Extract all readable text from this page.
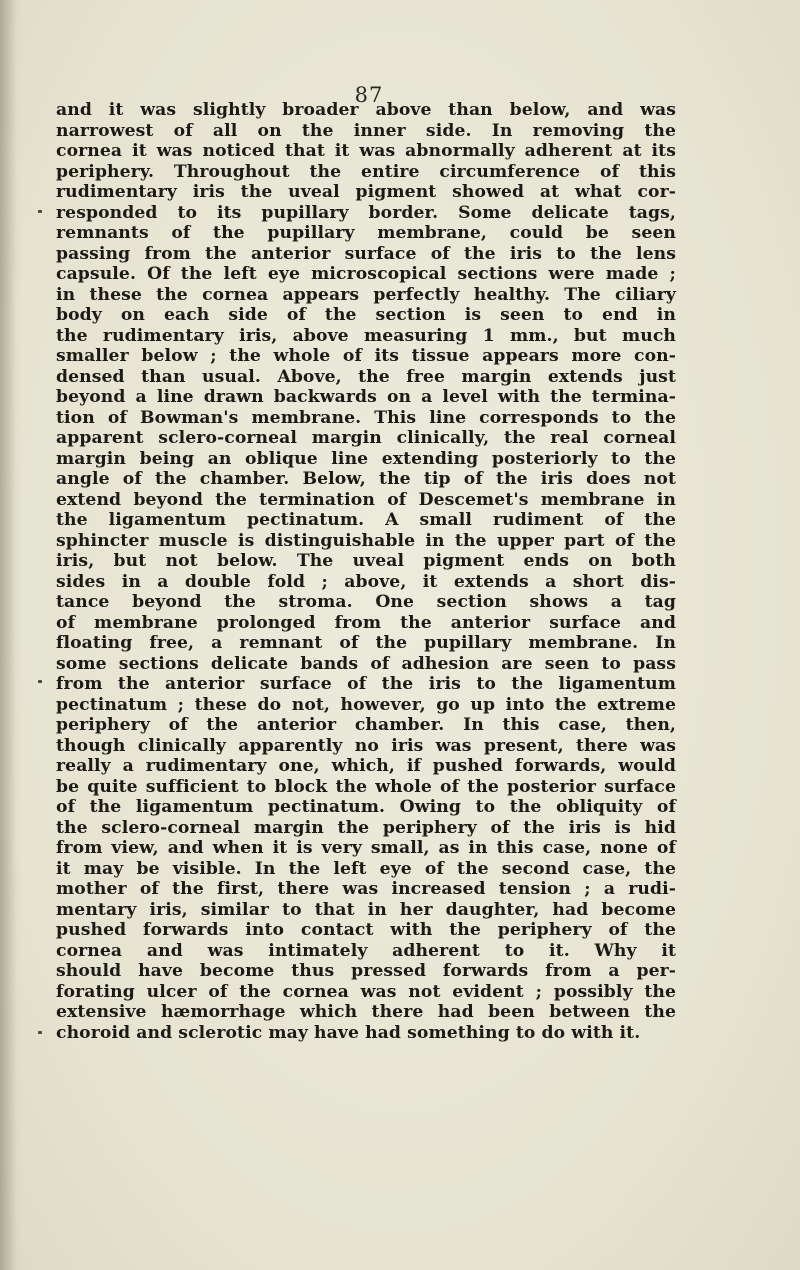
87
and it was slightly broader above than below, and was
narrowest of all on the inner side. In removing the
cornea it was noticed that it was abnormally adherent at its
periphery. Throughout the entire circumference of this
rudimentary iris the uveal pigment showed at what cor-
responded to its pupillary border. Some delicate tags,
remnants of the pupillary membrane, could be seen
passing from the anterior surface of the iris to the lens
capsule. Of the left eye microscopical sections were made ;
in these the cornea appears perfectly healthy. The ciliary
body on each side of the section is seen to end in
the rudimentary iris, above measuring 1 mm., but much
smaller below ; the whole of its tissue appears more con-
densed than usual. Above, the free margin extends just
beyond a line drawn backwards on a level with the termina-
tion of Bowman's membrane. This line corresponds to the
apparent sclero-corneal margin clinically, the real corneal
margin being an oblique line extending posteriorly to the
angle of the chamber. Below, the tip of the iris does not
extend beyond the termination of Descemet's membrane in
the ligamentum pectinatum. A small rudiment of the
sphincter muscle is distinguishable in the upper part of the
iris, but not below. The uveal pigment ends on both
sides in a double fold ; above, it extends a short dis-
tance beyond the stroma. One section shows a tag
of membrane prolonged from the anterior surface and
floating free, a remnant of the pupillary membrane. In
some sections delicate bands of adhesion are seen to pass
from the anterior surface of the iris to the ligamentum
pectinatum ; these do not, however, go up into the extreme
periphery of the anterior chamber. In this case, then,
though clinically apparently no iris was present, there was
really a rudimentary one, which, if pushed forwards, would
be quite sufficient to block the whole of the posterior surface
of the ligamentum pectinatum. Owing to the obliquity of
the sclero-corneal margin the periphery of the iris is hid
from view, and when it is very small, as in this case, none of
it may be visible. In the left eye of the second case, the
mother of the first, there was increased tension ; a rudi-
mentary iris, similar to that in her daughter, had become
pushed forwards into contact with the periphery of the
cornea and was intimately adherent to it. Why it
should have become thus pressed forwards from a per-
forating ulcer of the cornea was not evident ; possibly the
extensive hæmorrhage which there had been between the
choroid and sclerotic may have had something to do with it.
